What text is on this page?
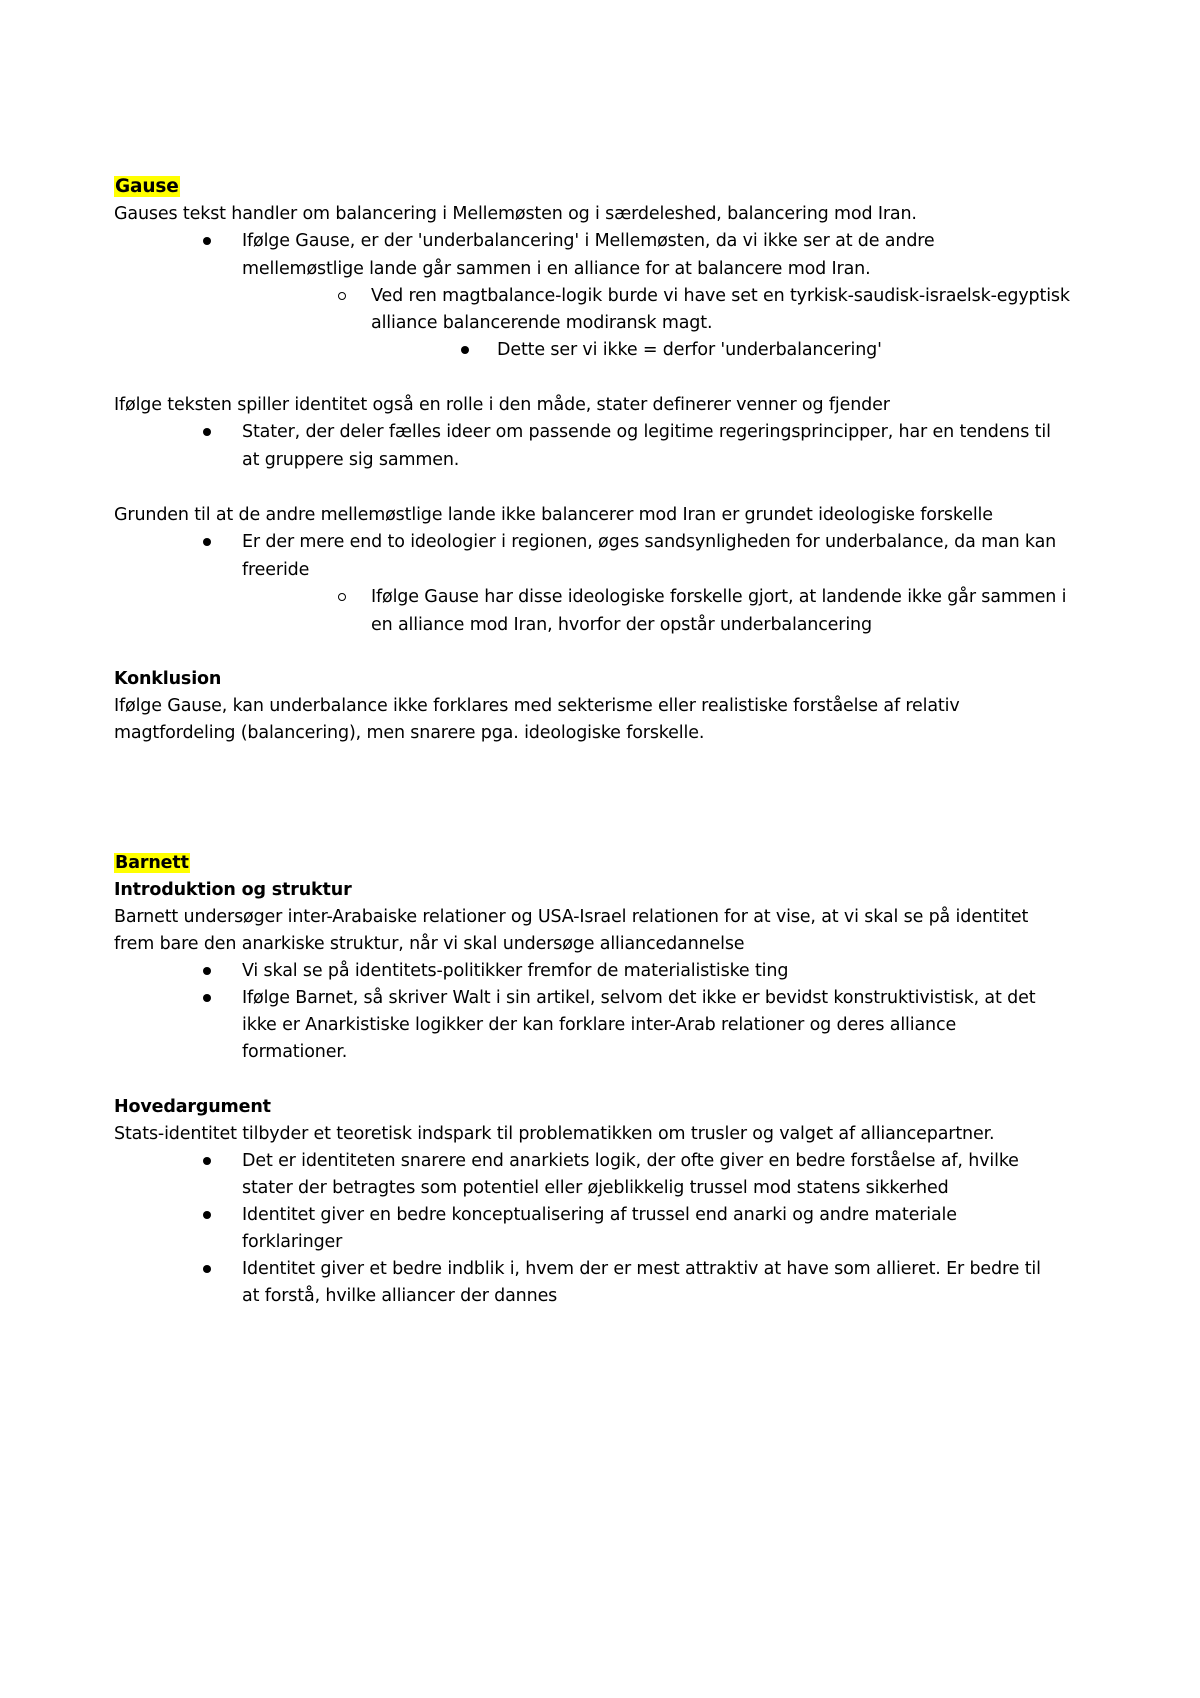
Gause
Gauses tekst handler om balancering i Mellemøsten og i særdeleshed, balancering mod Iran.
Ifølge Gause, er der 'underbalancering' i Mellemøsten, da vi ikke ser at de andre
mellemøstlige lande går sammen i en alliance for at balancere mod Iran.
Ved ren magtbalance-logik burde vi have set en tyrkisk-saudisk-israelsk-egyptisk
alliance balancerende modiransk magt.
Dette ser vi ikke = derfor 'underbalancering'
Ifølge teksten spiller identitet også en rolle i den måde, stater definerer venner og fjender
Stater, der deler fælles ideer om passende og legitime regeringsprincipper, har en tendens til
at gruppere sig sammen.
Grunden til at de andre mellemøstlige lande ikke balancerer mod Iran er grundet ideologiske forskelle
Er der mere end to ideologier i regionen, øges sandsynligheden for underbalance, da man kan
freeride
Ifølge Gause har disse ideologiske forskelle gjort, at landende ikke går sammen i
en alliance mod Iran, hvorfor der opstår underbalancering
Konklusion
Ifølge Gause, kan underbalance ikke forklares med sekterisme eller realistiske forståelse af relativ
magtfordeling (balancering), men snarere pga. ideologiske forskelle.
Barnett
Introduktion og struktur
Barnett undersøger inter-Arabaiske relationer og USA-Israel relationen for at vise, at vi skal se på identitet
frem bare den anarkiske struktur, når vi skal undersøge alliancedannelse
Vi skal se på identitets-politikker fremfor de materialistiske ting
Ifølge Barnet, så skriver Walt i sin artikel, selvom det ikke er bevidst konstruktivistisk, at det
ikke er Anarkistiske logikker der kan forklare inter-Arab relationer og deres alliance
formationer.
Hovedargument
Stats-identitet tilbyder et teoretisk indspark til problematikken om trusler og valget af alliancepartner.
Det er identiteten snarere end anarkiets logik, der ofte giver en bedre forståelse af, hvilke
stater der betragtes som potentiel eller øjeblikkelig trussel mod statens sikkerhed
Identitet giver en bedre konceptualisering af trussel end anarki og andre materiale
forklaringer
Identitet giver et bedre indblik i, hvem der er mest attraktiv at have som allieret. Er bedre til
at forstå, hvilke alliancer der dannes
